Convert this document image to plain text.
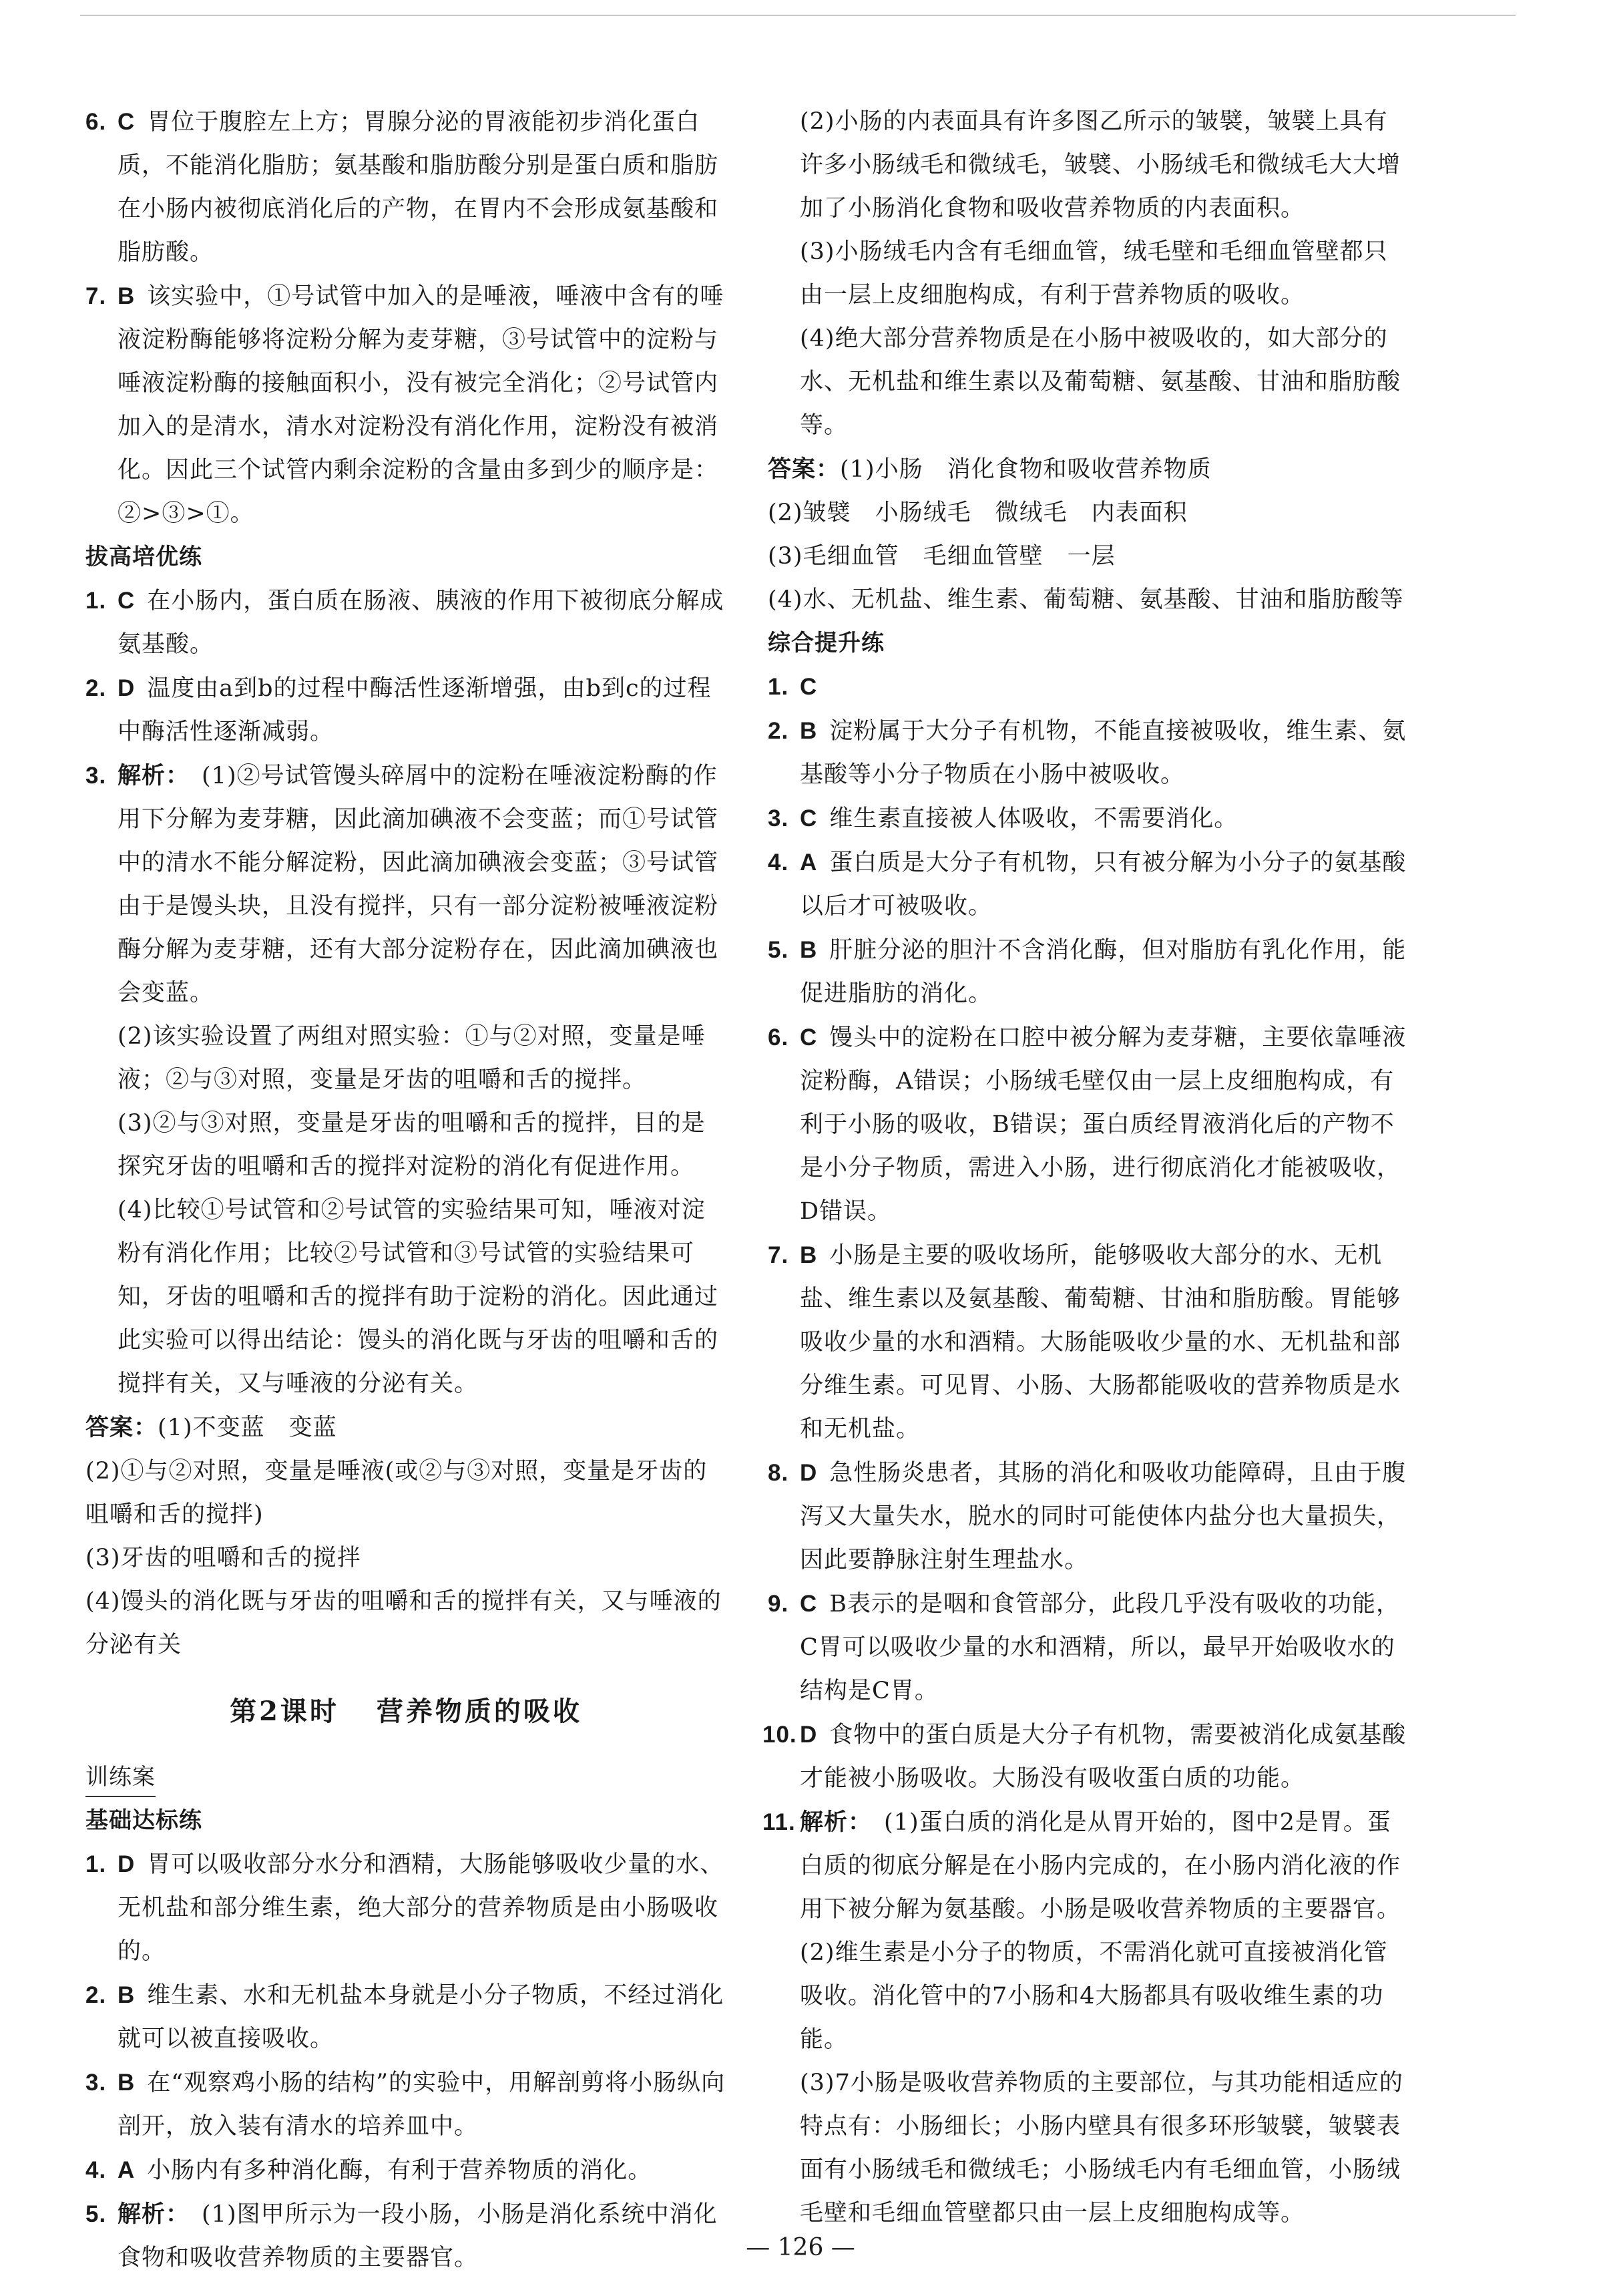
6. C 胃位于腹腔左上方；胃腺分泌的胃液能初步消化蛋白质，不能消化脂肪；氨基酸和脂肪酸分别是蛋白质和脂肪在小肠内被彻底消化后的产物，在胃内不会形成氨基酸和脂肪酸。
7. B 该实验中，①号试管中加入的是唾液，唾液中含有的唾液淀粉酶能够将淀粉分解为麦芽糖，③号试管中的淀粉与唾液淀粉酶的接触面积小，没有被完全消化；②号试管内加入的是清水，清水对淀粉没有消化作用，淀粉没有被消化。因此三个试管内剩余淀粉的含量由多到少的顺序是：②>③>①。

拔高培优练

1. C 在小肠内，蛋白质在肠液、胰液的作用下被彻底分解成氨基酸。
2. D 温度由a到b的过程中酶活性逐渐增强，由b到c的过程中酶活性逐渐减弱。
3. 解析： (1)②号试管馒头碎屑中的淀粉在唾液淀粉酶的作用下分解为麦芽糖，因此滴加碘液不会变蓝；而①号试管中的清水不能分解淀粉，因此滴加碘液会变蓝；③号试管由于是馒头块，且没有搅拌，只有一部分淀粉被唾液淀粉酶分解为麦芽糖，还有大部分淀粉存在，因此滴加碘液也会变蓝。

(2)该实验设置了两组对照实验：①与②对照，变量是唾液；②与③对照，变量是牙齿的咀嚼和舌的搅拌。

(3)②与③对照，变量是牙齿的咀嚼和舌的搅拌，目的是探究牙齿的咀嚼和舌的搅拌对淀粉的消化有促进作用。

(4)比较①号试管和②号试管的实验结果可知，唾液对淀粉有消化作用；比较②号试管和③号试管的实验结果可知，牙齿的咀嚼和舌的搅拌有助于淀粉的消化。因此通过此实验可以得出结论：馒头的消化既与牙齿的咀嚼和舌的搅拌有关，又与唾液的分泌有关。

答案：(1)不变蓝　变蓝

(2)①与②对照，变量是唾液(或②与③对照，变量是牙齿的咀嚼和舌的搅拌)

(3)牙齿的咀嚼和舌的搅拌

(4)馒头的消化既与牙齿的咀嚼和舌的搅拌有关，又与唾液的分泌有关

第2课时 营养物质的吸收
训练案

基础达标练

1. D 胃可以吸收部分水分和酒精，大肠能够吸收少量的水、无机盐和部分维生素，绝大部分的营养物质是由小肠吸收的。
2. B 维生素、水和无机盐本身就是小分子物质，不经过消化就可以被直接吸收。
3. B 在“观察鸡小肠的结构”的实验中，用解剖剪将小肠纵向剖开，放入装有清水的培养皿中。
4. A 小肠内有多种消化酶，有利于营养物质的消化。
5. 解析： (1)图甲所示为一段小肠，小肠是消化系统中消化食物和吸收营养物质的主要器官。

(2)小肠的内表面具有许多图乙所示的皱襞，皱襞上具有许多小肠绒毛和微绒毛，皱襞、小肠绒毛和微绒毛大大增加了小肠消化食物和吸收营养物质的内表面积。

(3)小肠绒毛内含有毛细血管，绒毛壁和毛细血管壁都只由一层上皮细胞构成，有利于营养物质的吸收。

(4)绝大部分营养物质是在小肠中被吸收的，如大部分的水、无机盐和维生素以及葡萄糖、氨基酸、甘油和脂肪酸等。

答案：(1)小肠　消化食物和吸收营养物质

(2)皱襞　小肠绒毛　微绒毛　内表面积

(3)毛细血管　毛细血管壁　一层

(4)水、无机盐、维生素、葡萄糖、氨基酸、甘油和脂肪酸等

综合提升练

1. C
2. B 淀粉属于大分子有机物，不能直接被吸收，维生素、氨基酸等小分子物质在小肠中被吸收。
3. C 维生素直接被人体吸收，不需要消化。
4. A 蛋白质是大分子有机物，只有被分解为小分子的氨基酸以后才可被吸收。
5. B 肝脏分泌的胆汁不含消化酶，但对脂肪有乳化作用，能促进脂肪的消化。
6. C 馒头中的淀粉在口腔中被分解为麦芽糖，主要依靠唾液淀粉酶，A错误；小肠绒毛壁仅由一层上皮细胞构成，有利于小肠的吸收，B错误；蛋白质经胃液消化后的产物不是小分子物质，需进入小肠，进行彻底消化才能被吸收，D错误。
7. B 小肠是主要的吸收场所，能够吸收大部分的水、无机盐、维生素以及氨基酸、葡萄糖、甘油和脂肪酸。胃能够吸收少量的水和酒精。大肠能吸收少量的水、无机盐和部分维生素。可见胃、小肠、大肠都能吸收的营养物质是水和无机盐。
8. D 急性肠炎患者，其肠的消化和吸收功能障碍，且由于腹泻又大量失水，脱水的同时可能使体内盐分也大量损失，因此要静脉注射生理盐水。
9. C B表示的是咽和食管部分，此段几乎没有吸收的功能，C胃可以吸收少量的水和酒精，所以，最早开始吸收水的结构是C胃。
10. D 食物中的蛋白质是大分子有机物，需要被消化成氨基酸才能被小肠吸收。大肠没有吸收蛋白质的功能。
11. 解析： (1)蛋白质的消化是从胃开始的，图中2是胃。蛋白质的彻底分解是在小肠内完成的，在小肠内消化液的作用下被分解为氨基酸。小肠是吸收营养物质的主要器官。

(2)维生素是小分子的物质，不需消化就可直接被消化管吸收。消化管中的7小肠和4大肠都具有吸收维生素的功能。

(3)7小肠是吸收营养物质的主要部位，与其功能相适应的特点有：小肠细长；小肠内壁具有很多环形皱襞，皱襞表面有小肠绒毛和微绒毛；小肠绒毛内有毛细血管，小肠绒毛壁和毛细血管壁都只由一层上皮细胞构成等。

— 126 —
